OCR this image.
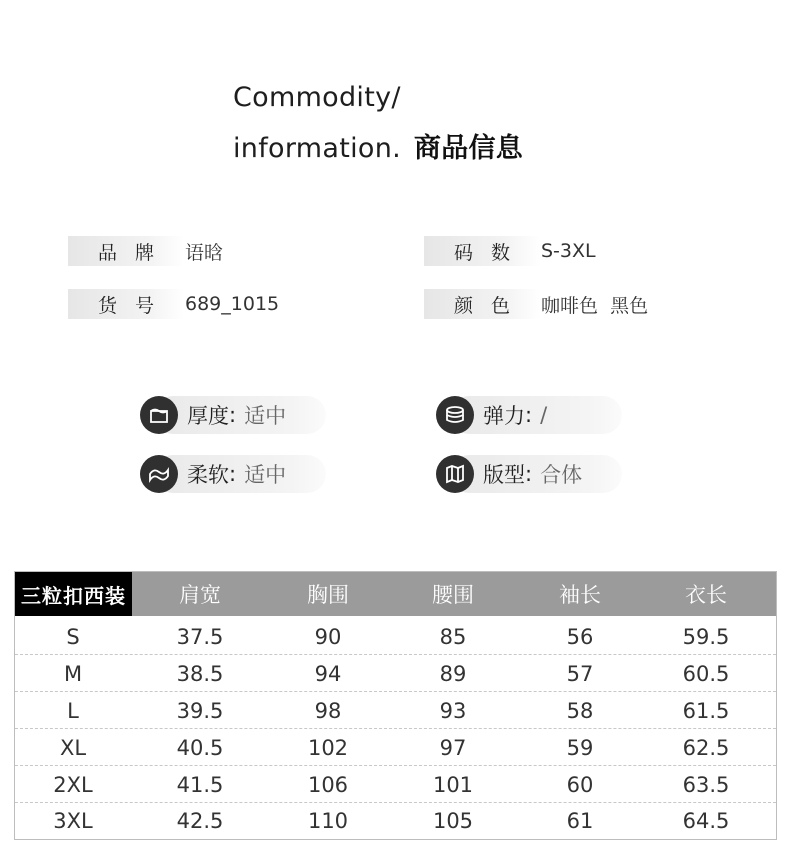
Commodity/
information. 商品信息
品牌 语晗	码数 S-3XL
货号 689_1015	颜色 咖啡色  黑色
厚度 : 适中	弹力 : /
柔软 : 适中	版型 : 合体
三粒扣西装	肩宽	胸围	腰围	袖长	衣长
S	37.5	90	85	56	59.5
M	38.5	94	89	57	60.5
L	39.5	98	93	58	61.5
XL	40.5	102	97	59	62.5
2XL	41.5	106	101	60	63.5
3XL	42.5	110	105	61	64.5
